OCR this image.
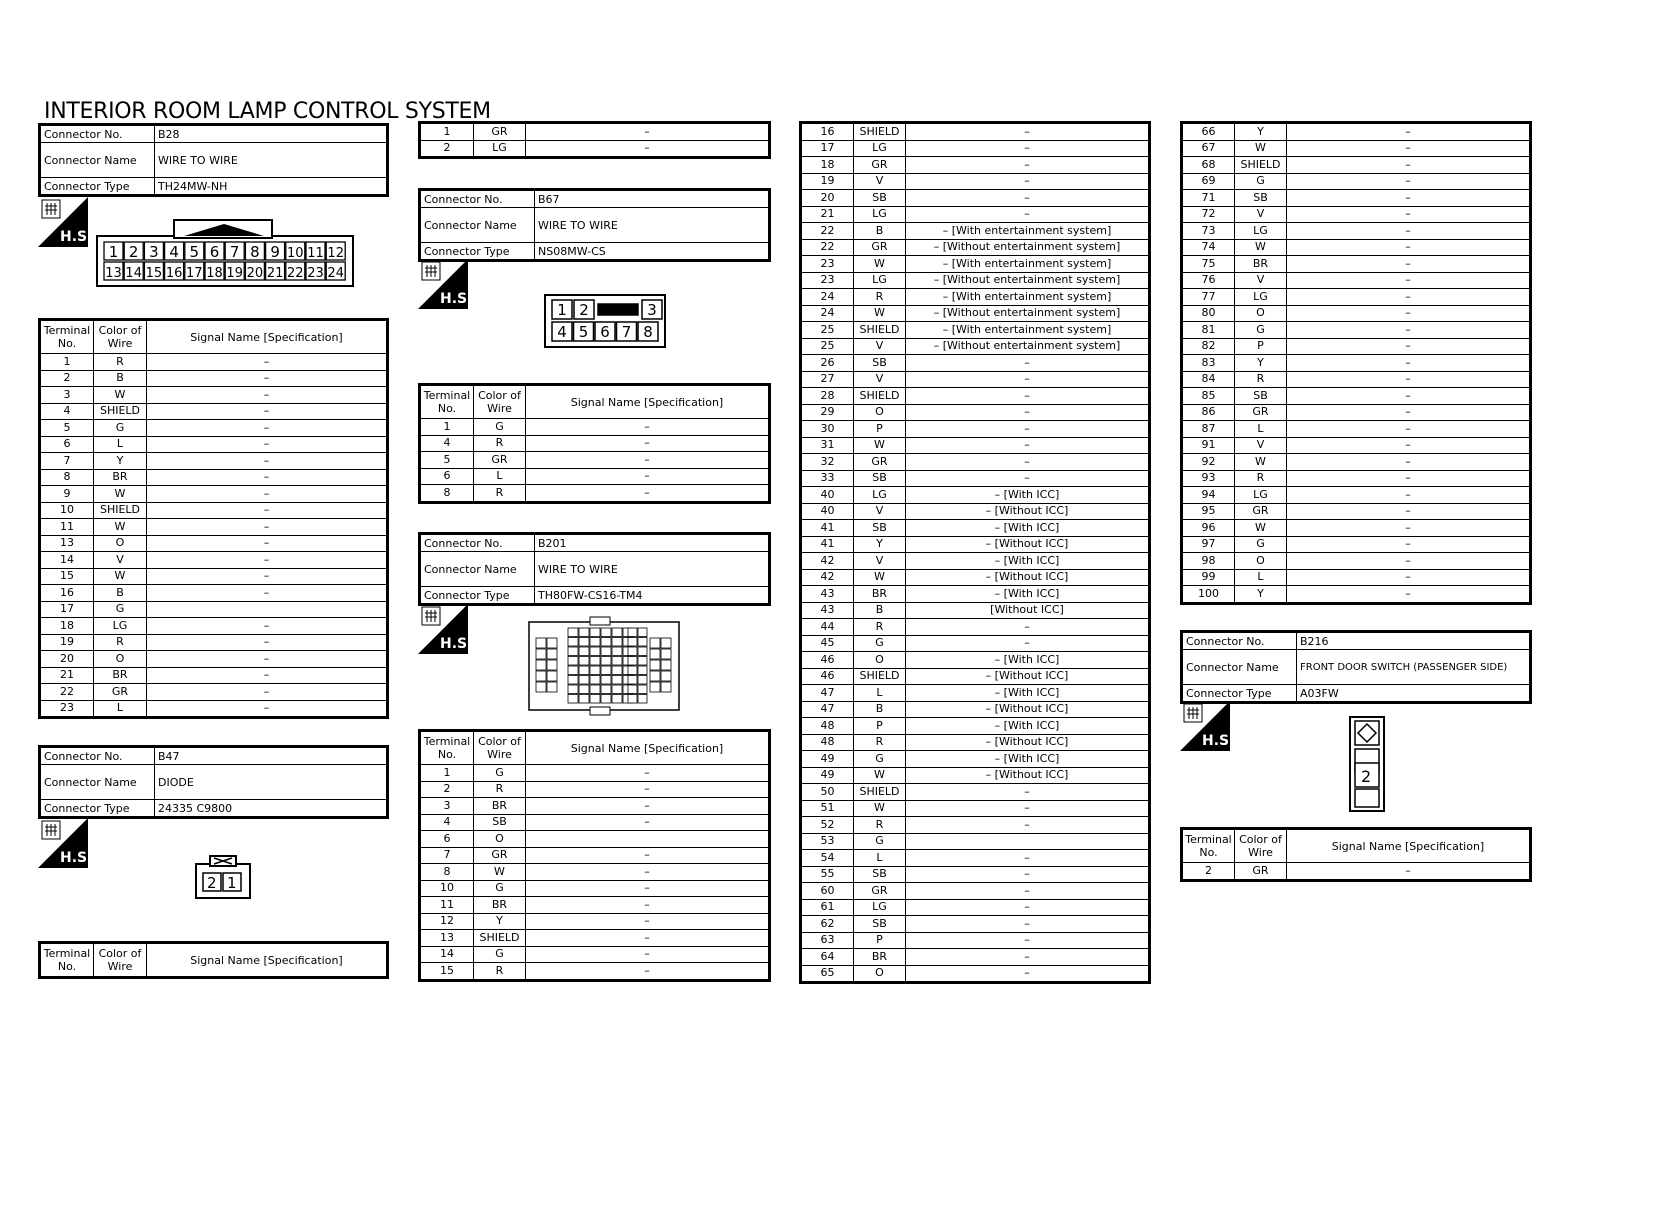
INTERIOR ROOM LAMP CONTROL SYSTEM
Connector No.	B28
Connector Name	WIRE TO WIRE
Connector Type	TH24MW-NH
H.S.
1 2 3 4 5 6 7 8 9 10 11 12
13 14 15 16 17 18 19 20 21 22 23 24
Terminal No.	Color of Wire	Signal Name [Specification]
1	R	–
2	B	–
3	W	–
4	SHIELD	–
5	G	–
6	L	–
7	Y	–
8	BR	–
9	W	–
10	SHIELD	–
11	W	–
13	O	–
14	V	–
15	W	–
16	B	–
17	G	
18	LG	–
19	R	–
20	O	–
21	BR	–
22	GR	–
23	L	–
Connector No.	B47
Connector Name	DIODE
Connector Type	24335 C9800
H.S.
2 1
Terminal No.	Color of Wire	Signal Name [Specification]
1	GR	–
2	LG	–
Connector No.	B67
Connector Name	WIRE TO WIRE
Connector Type	NS08MW-CS
H.S.
1 2	3
4 5 6 7 8
Terminal No.	Color of Wire	Signal Name [Specification]
1	G	–
4	R	–
5	GR	–
6	L	–
8	R	–
Connector No.	B201
Connector Name	WIRE TO WIRE
Connector Type	TH80FW-CS16-TM4
H.S.
Terminal No.	Color of Wire	Signal Name [Specification]
1	G	–
2	R	–
3	BR	–
4	SB	–
6	O	
7	GR	–
8	W	–
10	G	–
11	BR	–
12	Y	–
13	SHIELD	–
14	G	–
15	R	–
16	SHIELD	–
17	LG	–
18	GR	–
19	V	–
20	SB	–
21	LG	–
22	B	– [With entertainment system]
22	GR	– [Without entertainment system]
23	W	– [With entertainment system]
23	LG	– [Without entertainment system]
24	R	– [With entertainment system]
24	W	– [Without entertainment system]
25	SHIELD	– [With entertainment system]
25	V	– [Without entertainment system]
26	SB	–
27	V	–
28	SHIELD	–
29	O	–
30	P	–
31	W	–
32	GR	–
33	SB	–
40	LG	– [With ICC]
40	V	– [Without ICC]
41	SB	– [With ICC]
41	Y	– [Without ICC]
42	V	– [With ICC]
42	W	– [Without ICC]
43	BR	– [With ICC]
43	B	[Without ICC]
44	R	–
45	G	–
46	O	– [With ICC]
46	SHIELD	– [Without ICC]
47	L	– [With ICC]
47	B	– [Without ICC]
48	P	– [With ICC]
48	R	– [Without ICC]
49	G	– [With ICC]
49	W	– [Without ICC]
50	SHIELD	–
51	W	–
52	R	–
53	G	
54	L	–
55	SB	–
60	GR	–
61	LG	–
62	SB	–
63	P	–
64	BR	–
65	O	–
66	Y	–
67	W	–
68	SHIELD	–
69	G	–
71	SB	–
72	V	–
73	LG	–
74	W	–
75	BR	–
76	V	–
77	LG	–
80	O	–
81	G	–
82	P	–
83	Y	–
84	R	–
85	SB	–
86	GR	–
87	L	–
91	V	–
92	W	–
93	R	–
94	LG	–
95	GR	–
96	W	–
97	G	–
98	O	–
99	L	–
100	Y	–
Connector No.	B216
Connector Name	FRONT DOOR SWITCH (PASSENGER SIDE)
Connector Type	A03FW
H.S.
2
Terminal No.	Color of Wire	Signal Name [Specification]
2	GR	–
